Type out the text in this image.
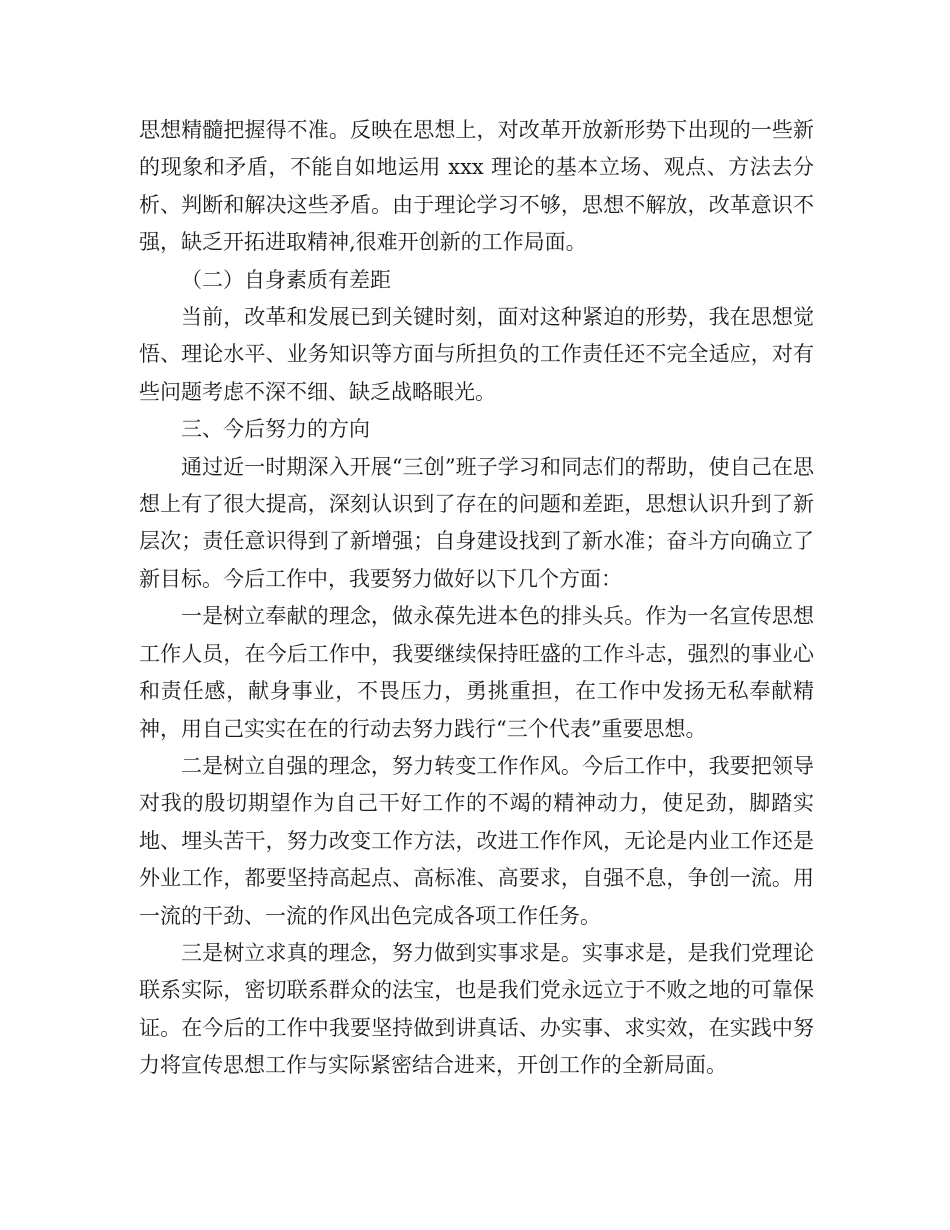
思想精髓把握得不准。反映在思想上，对改革开放新形势下出现的一些新的现象和矛盾，不能自如地运用 xxx 理论的基本立场、观点、方法去分析、判断和解决这些矛盾。由于理论学习不够，思想不解放，改革意识不强，缺乏开拓进取精神,很难开创新的工作局面。

（二）自身素质有差距

当前，改革和发展已到关键时刻，面对这种紧迫的形势，我在思想觉悟、理论水平、业务知识等方面与所担负的工作责任还不完全适应，对有些问题考虑不深不细、缺乏战略眼光。

三、今后努力的方向

通过近一时期深入开展“三创”班子学习和同志们的帮助，使自己在思想上有了很大提高，深刻认识到了存在的问题和差距，思想认识升到了新层次；责任意识得到了新增强；自身建设找到了新水准；奋斗方向确立了新目标。今后工作中，我要努力做好以下几个方面：

一是树立奉献的理念，做永葆先进本色的排头兵。作为一名宣传思想工作人员，在今后工作中，我要继续保持旺盛的工作斗志，强烈的事业心和责任感，献身事业，不畏压力，勇挑重担，在工作中发扬无私奉献精神，用自己实实在在的行动去努力践行“三个代表”重要思想。

二是树立自强的理念，努力转变工作作风。今后工作中，我要把领导对我的殷切期望作为自己干好工作的不竭的精神动力，使足劲，脚踏实地、埋头苦干，努力改变工作方法，改进工作作风，无论是内业工作还是外业工作，都要坚持高起点、高标准、高要求，自强不息，争创一流。用一流的干劲、一流的作风出色完成各项工作任务。

三是树立求真的理念，努力做到实事求是。实事求是，是我们党理论联系实际，密切联系群众的法宝，也是我们党永远立于不败之地的可靠保证。在今后的工作中我要坚持做到讲真话、办实事、求实效，在实践中努力将宣传思想工作与实际紧密结合进来，开创工作的全新局面。
